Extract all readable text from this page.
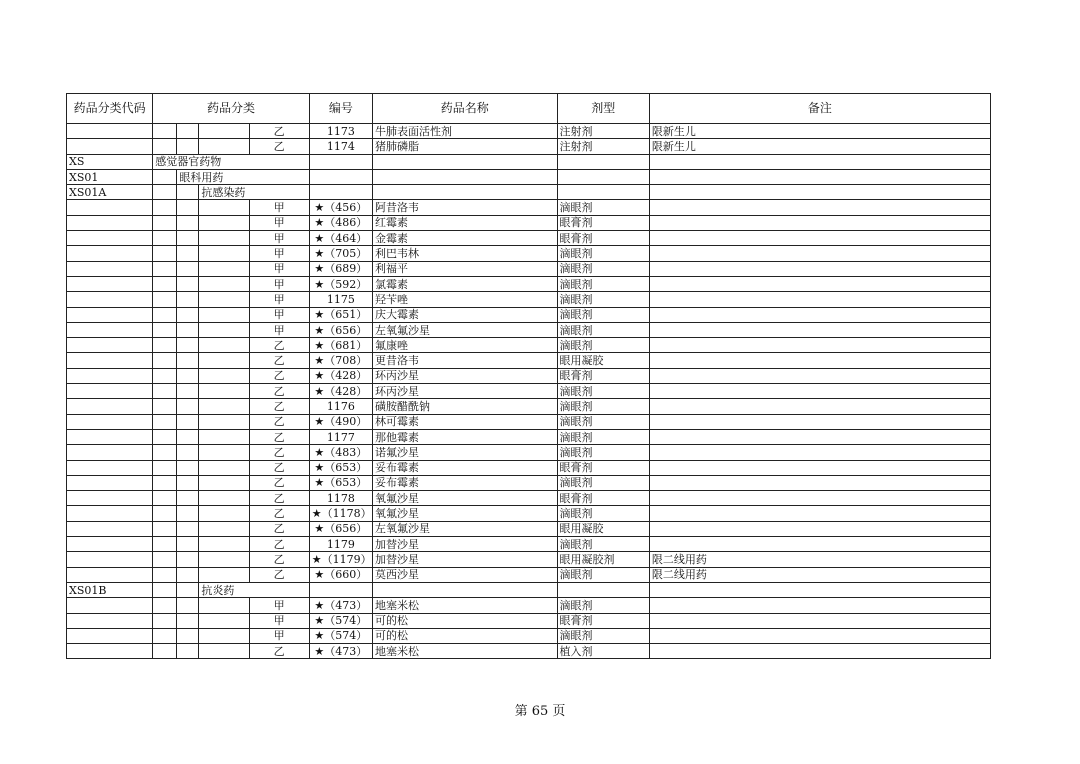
药品分类代码	药品分类				编号	药品名称	剂型	备注
				乙	1173	牛肺表面活性剂	注射剂	限新生儿
				乙	1174	猪肺磷脂	注射剂	限新生儿
XS	感觉器官药物							
XS01		眼科用药						
XS01A			抗感染药					
				甲	★（456）	阿昔洛韦	滴眼剂	
				甲	★（486）	红霉素	眼膏剂	
				甲	★（464）	金霉素	眼膏剂	
				甲	★（705）	利巴韦林	滴眼剂	
				甲	★（689）	利福平	滴眼剂	
				甲	★（592）	氯霉素	滴眼剂	
				甲	1175	羟苄唑	滴眼剂	
				甲	★（651）	庆大霉素	滴眼剂	
				甲	★（656）	左氧氟沙星	滴眼剂	
				乙	★（681）	氟康唑	滴眼剂	
				乙	★（708）	更昔洛韦	眼用凝胶	
				乙	★（428）	环丙沙星	眼膏剂	
				乙	★（428）	环丙沙星	滴眼剂	
				乙	1176	磺胺醋酰钠	滴眼剂	
				乙	★（490）	林可霉素	滴眼剂	
				乙	1177	那他霉素	滴眼剂	
				乙	★（483）	诺氟沙星	滴眼剂	
				乙	★（653）	妥布霉素	眼膏剂	
				乙	★（653）	妥布霉素	滴眼剂	
				乙	1178	氧氟沙星	眼膏剂	
				乙	★（1178）	氧氟沙星	滴眼剂	
				乙	★（656）	左氧氟沙星	眼用凝胶	
				乙	1179	加替沙星	滴眼剂	
				乙	★（1179）	加替沙星	眼用凝胶剂	限二线用药
				乙	★（660）	莫西沙星	滴眼剂	限二线用药
XS01B			抗炎药					
				甲	★（473）	地塞米松	滴眼剂	
				甲	★（574）	可的松	眼膏剂	
				甲	★（574）	可的松	滴眼剂	
				乙	★（473）	地塞米松	植入剂	
第 65 页
